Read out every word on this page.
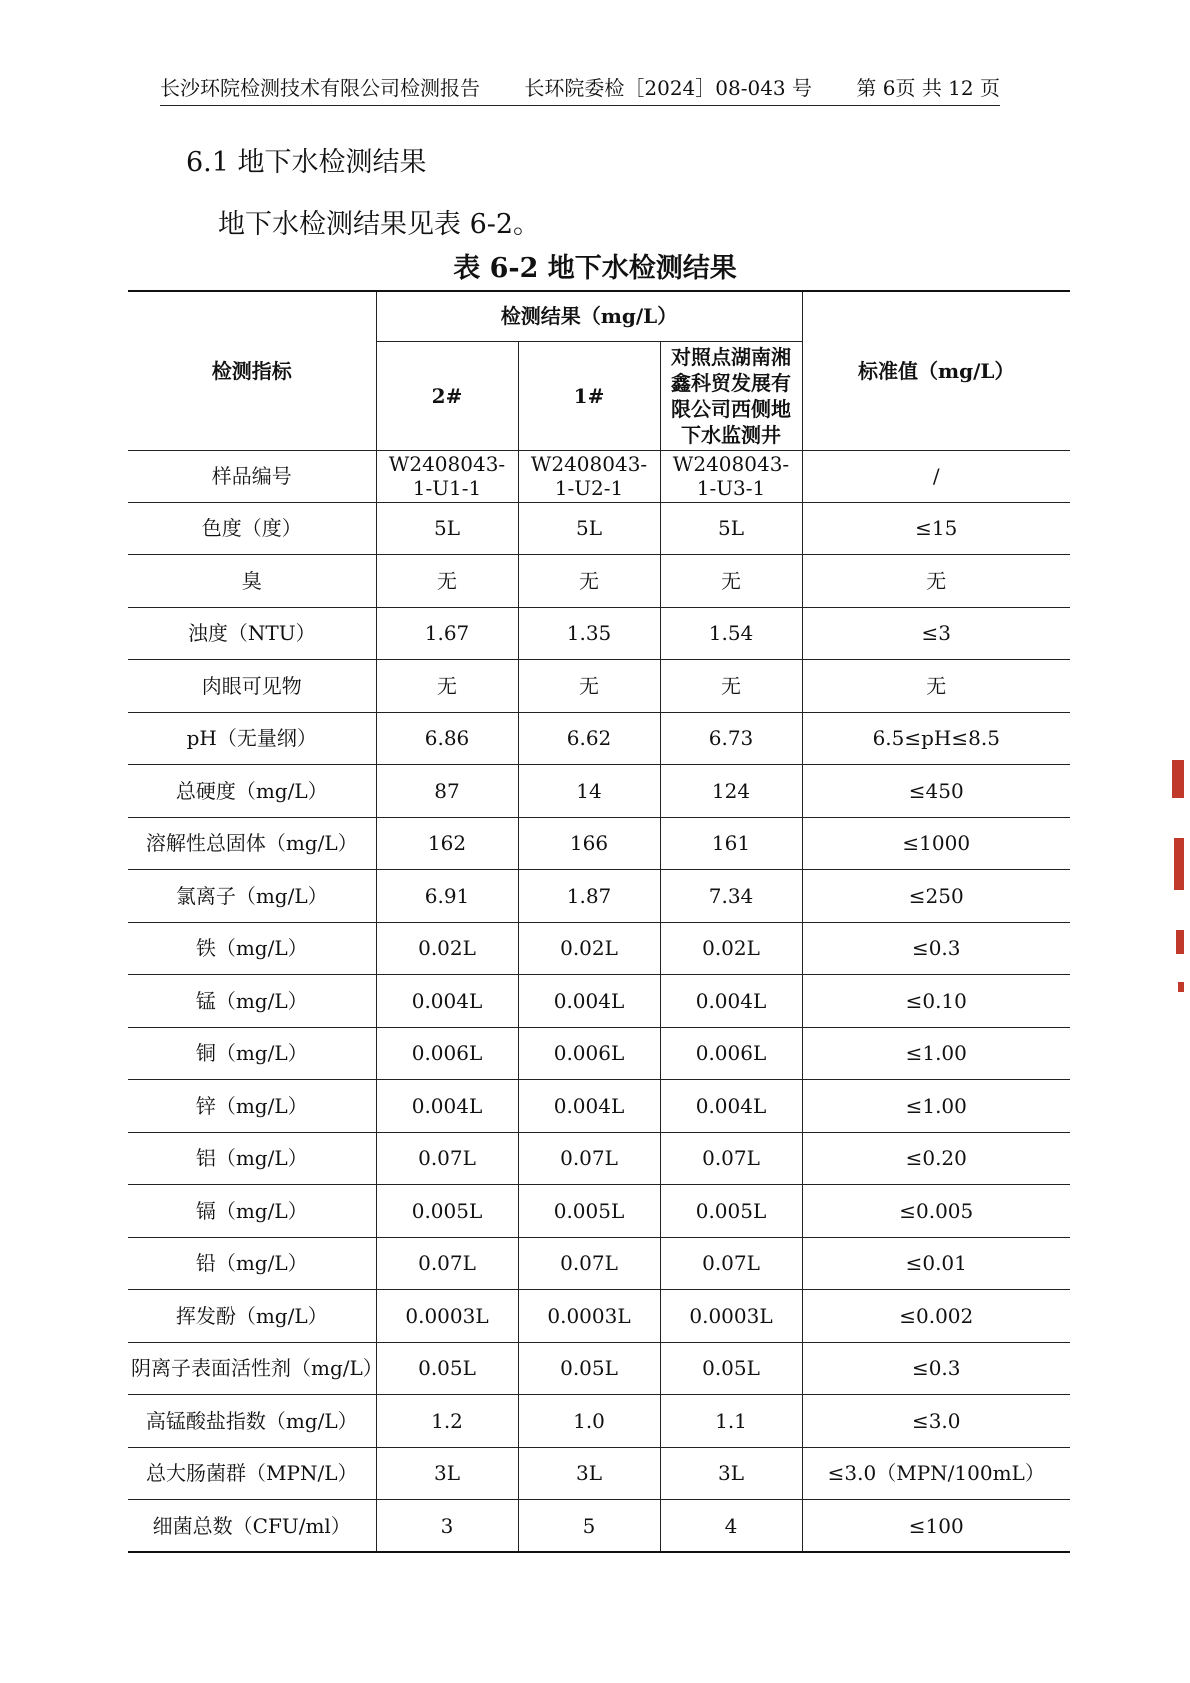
长沙环院检测技术有限公司检测报告 长环院委检［2024］08-043 号 第 6页 共 12 页
6.1 地下水检测结果
地下水检测结果见表 6-2。
表 6-2 地下水检测结果
检测指标	检测结果（mg/L）			标准值（mg/L）
	2#	1#	对照点湖南湘鑫科贸发展有限公司西侧地下水监测井	
样品编号	W2408043-1-U1-1	W2408043-1-U2-1	W2408043-1-U3-1	/
色度（度）	5L	5L	5L	≤15
臭	无	无	无	无
浊度（NTU）	1.67	1.35	1.54	≤3
肉眼可见物	无	无	无	无
pH（无量纲）	6.86	6.62	6.73	6.5≤pH≤8.5
总硬度（mg/L）	87	14	124	≤450
溶解性总固体（mg/L）	162	166	161	≤1000
氯离子（mg/L）	6.91	1.87	7.34	≤250
铁（mg/L）	0.02L	0.02L	0.02L	≤0.3
锰（mg/L）	0.004L	0.004L	0.004L	≤0.10
铜（mg/L）	0.006L	0.006L	0.006L	≤1.00
锌（mg/L）	0.004L	0.004L	0.004L	≤1.00
铝（mg/L）	0.07L	0.07L	0.07L	≤0.20
镉（mg/L）	0.005L	0.005L	0.005L	≤0.005
铅（mg/L）	0.07L	0.07L	0.07L	≤0.01
挥发酚（mg/L）	0.0003L	0.0003L	0.0003L	≤0.002
阴离子表面活性剂（mg/L）	0.05L	0.05L	0.05L	≤0.3
高锰酸盐指数（mg/L）	1.2	1.0	1.1	≤3.0
总大肠菌群（MPN/L）	3L	3L	3L	≤3.0（MPN/100mL）
细菌总数（CFU/ml）	3	5	4	≤100
